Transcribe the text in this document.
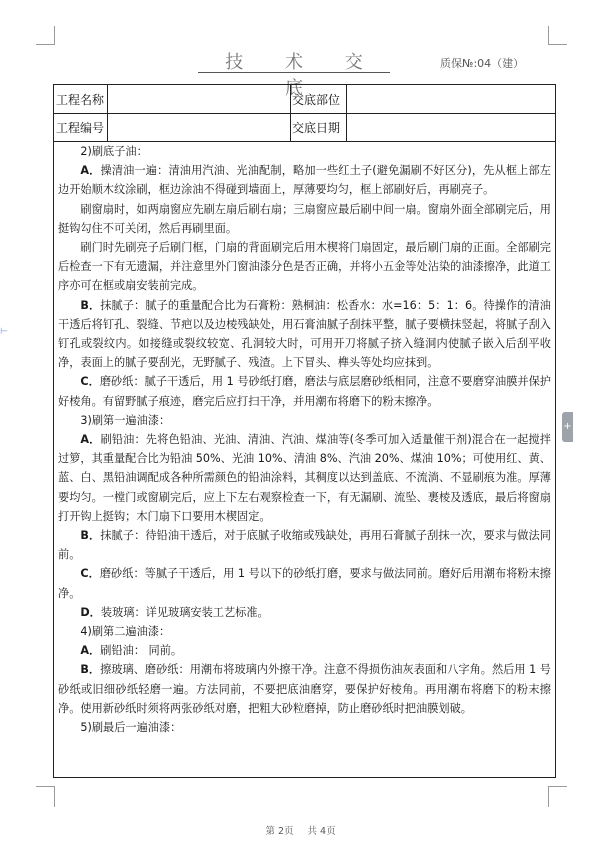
技 术 交 底
质保№:04（建）
工程名称
工程编号
交底部位
交底日期

2)刷底子油：

A．操清油一遍：清油用汽油、光油配制，略加一些红土子(避免漏刷不好区分)，先从框上部左边开始顺木纹涂刷，框边涂油不得碰到墙面上，厚薄要均匀，框上部刷好后，再刷亮子。

刷窗扇时，如两扇窗应先刷左扇后刷右扇；三扇窗应最后刷中间一扇。窗扇外面全部刷完后，用挺钩勾住不可关闭，然后再刷里面。

刷门时先刷亮子后刷门框，门扇的背面刷完后用木楔将门扇固定，最后刷门扇的正面。全部刷完后检查一下有无遗漏，并注意里外门窗油漆分色是否正确，并将小五金等处沾染的油漆擦净，此道工序亦可在框或扇安装前完成。

B．抹腻子：腻子的重量配合比为石膏粉：熟桐油：松香水：水=16：5：1：6。待操作的清油干透后将钉孔、裂缝、节疤以及边棱残缺处，用石膏油腻子刮抹平整，腻子要横抹竖起，将腻子刮入钉孔或裂纹内。如接缝或裂纹较宽、孔洞较大时，可用开刀将腻子挤入缝洞内使腻子嵌入后刮平收净，表面上的腻子要刮光，无野腻子、残渣。上下冒头、榫头等处均应抹到。

C．磨砂纸：腻子干透后，用 1 号砂纸打磨，磨法与底层磨砂纸相同，注意不要磨穿油膜并保护好棱角。有留野腻子痕迹，磨完后应打扫干净，并用潮布将磨下的粉末擦净。

3)刷第一遍油漆：

A．刷铅油：先将色铅油、光油、清油、汽油、煤油等(冬季可加入适量催干剂)混合在一起搅拌过箩，其重量配合比为铅油 50%、光油 10%、清油 8%、汽油 20%、煤油 10%；可使用红、黄、蓝、白、黑铅油调配成各种所需颜色的铅油涂料，其稠度以达到盖底、不流淌、不显刷痕为准。厚薄要均匀。一樘门或窗刷完后，应上下左右观察检查一下，有无漏刷、流坠、裹棱及透底，最后将窗扇打开钩上挺钩；木门扇下口要用木楔固定。

B．抹腻子：待铅油干透后，对于底腻子收缩或残缺处，再用石膏腻子刮抹一次，要求与做法同前。

C．磨砂纸：等腻子干透后，用 1 号以下的砂纸打磨，要求与做法同前。磨好后用潮布将粉末擦净。

D．装玻璃：详见玻璃安装工艺标准。

4)刷第二遍油漆：

A．刷铅油： 同前。

B．擦玻璃、磨砂纸：用潮布将玻璃内外擦干净。注意不得损伤油灰表面和八字角。然后用 1 号砂纸或旧细砂纸轻磨一遍。方法同前，不要把底油磨穿，要保护好棱角。再用潮布将磨下的粉末擦净。使用新砂纸时须将两张砂纸对磨，把粗大砂粒磨掉，防止磨砂纸时把油膜划破。

5)刷最后一遍油漆：

⊢
+
第 2页 共 4页
